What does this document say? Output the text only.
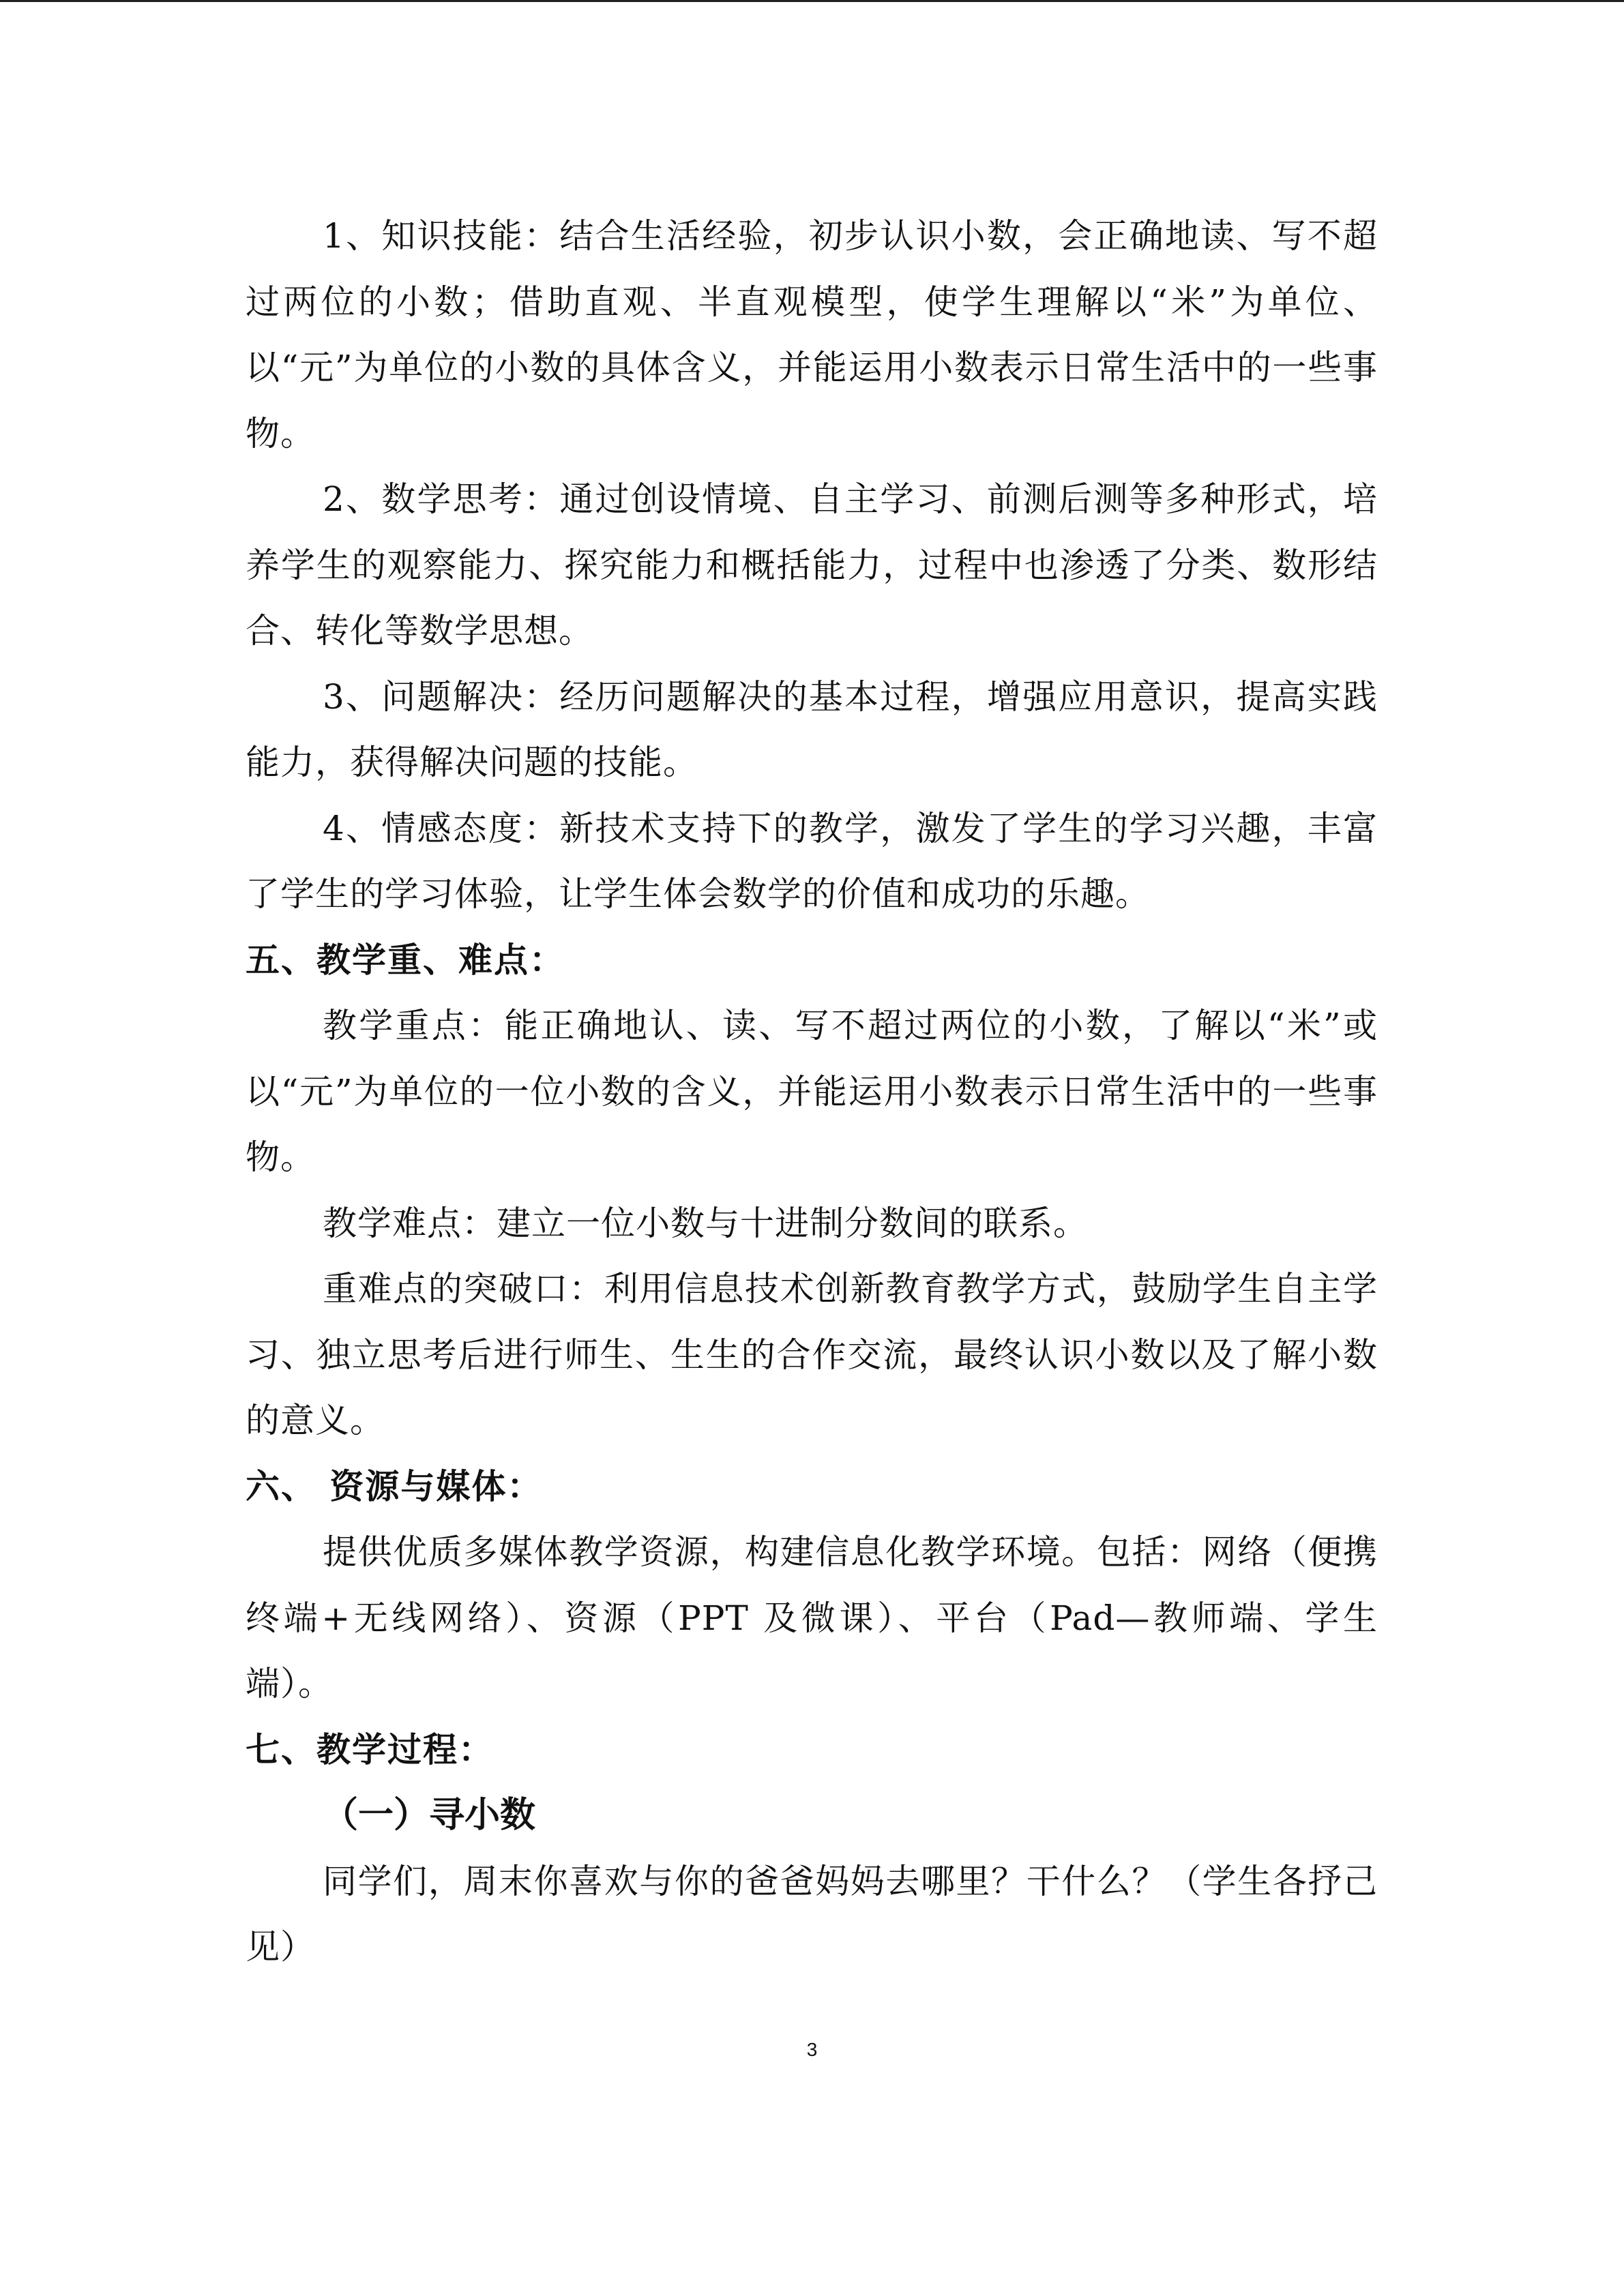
1、知识技能：结合生活经验，初步认识小数，会正确地读、写不超过两位的小数；借助直观、半直观模型，使学生理解以“米”为单位、以“元”为单位的小数的具体含义，并能运用小数表示日常生活中的一些事物。

2、数学思考：通过创设情境、自主学习、前测后测等多种形式，培养学生的观察能力、探究能力和概括能力，过程中也渗透了分类、数形结合、转化等数学思想。

3、问题解决：经历问题解决的基本过程，增强应用意识，提高实践能力，获得解决问题的技能。

4、情感态度：新技术支持下的教学，激发了学生的学习兴趣，丰富了学生的学习体验，让学生体会数学的价值和成功的乐趣。

五、教学重、难点：

教学重点：能正确地认、读、写不超过两位的小数，了解以“米”或以“元”为单位的一位小数的含义，并能运用小数表示日常生活中的一些事物。

教学难点：建立一位小数与十进制分数间的联系。

重难点的突破口：利用信息技术创新教育教学方式，鼓励学生自主学习、独立思考后进行师生、生生的合作交流，最终认识小数以及了解小数的意义。

六、 资源与媒体：

提供优质多媒体教学资源，构建信息化教学环境。包括：网络（便携终端+无线网络）、资源（PPT 及微课）、平台（Pad—教师端、学生端）。

七、教学过程：

（一）寻小数

同学们，周末你喜欢与你的爸爸妈妈去哪里？干什么？（学生各抒己见）

3
